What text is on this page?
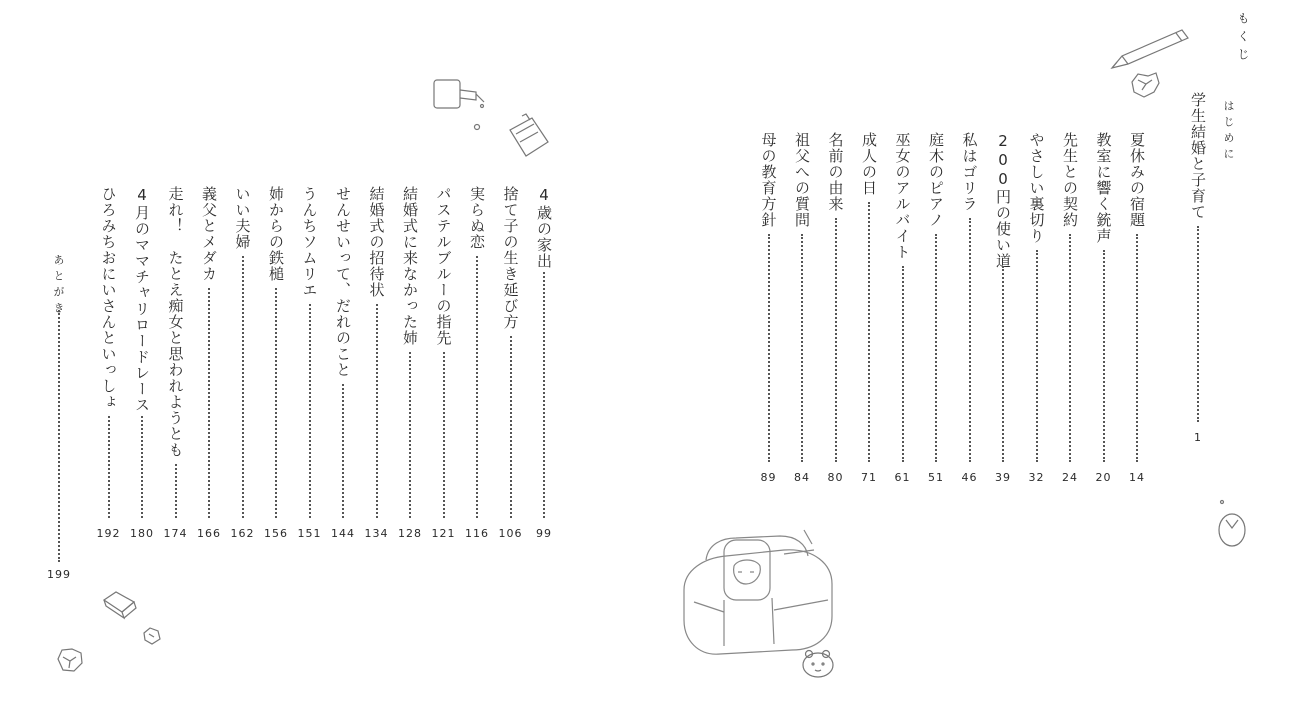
もくじ
はじめに
学生結婚と子育て
1
夏休みの宿題
14
教室に響く銃声
20
先生との契約
24
やさしい裏切り
32
200円の使い道
39
私はゴリラ
46
庭木のピアノ
51
巫女のアルバイト
61
成人の日
71
名前の由来
80
祖父への質問
84
母の教育方針
89
4歳の家出
99
捨て子の生き延び方
106
実らぬ恋
116
パステルブルーの指先
121
結婚式に来なかった姉
128
結婚式の招待状
134
せんせいって、だれのこと
144
うんちソムリエ
151
姉からの鉄槌
156
いい夫婦
162
義父とメダカ
166
走れ！　たとえ痴女と思われようとも
174
4月のママチャリロードレース
180
ひろみちおにいさんといっしょ
192
あとがき
199
